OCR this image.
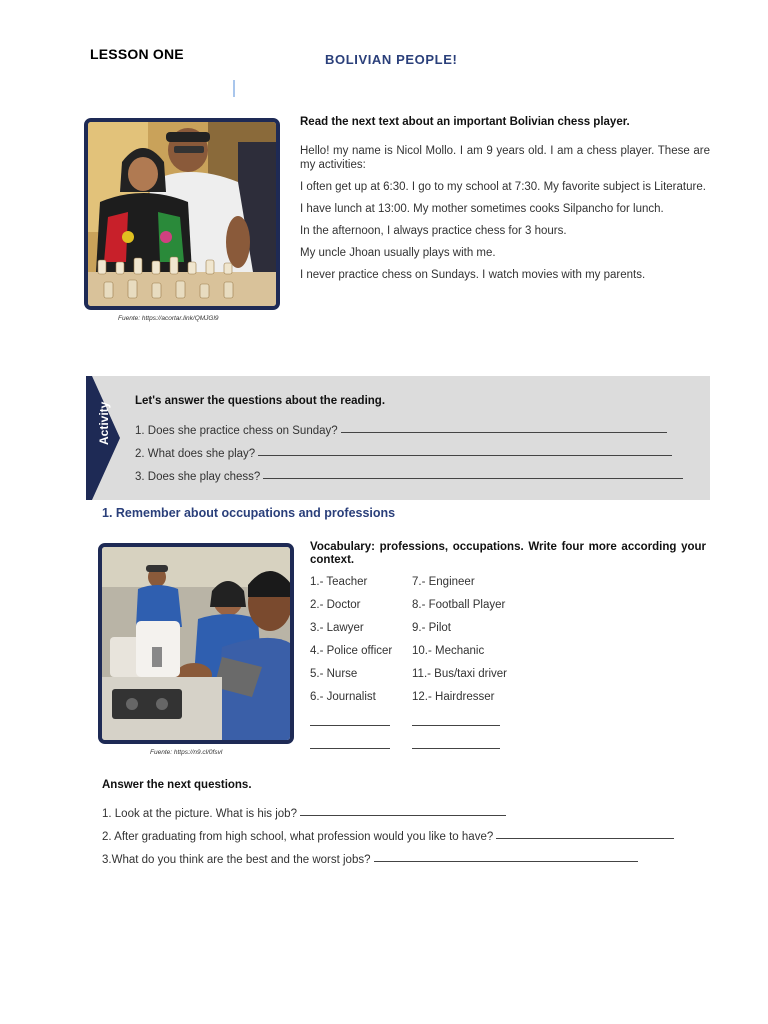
LESSON ONE	BOLIVIAN PEOPLE!
Fuente: https://acortar.link/QMJGl9
Read the next text about an important Bolivian chess player.

Hello! my name is Nicol Mollo. I am 9 years old. I am a chess player. These are my activities:

I often get up at 6:30. I go to my school at 7:30. My favorite subject is Literature.

I have lunch at 13:00. My mother sometimes cooks Silpancho for lunch.

In the afternoon, I always practice chess for 3 hours.

My uncle Jhoan usually plays with me.

I never practice chess on Sundays. I watch movies with my parents.

Activity
Let's answer the questions about the reading.
1. Does she practice chess on Sunday?
2. What does she play?
3. Does she play chess?
1. Remember about occupations and professions
Fuente: https://n9.cl/0fsvl
Vocabulary: professions, occupations. Write four more according your context.
1.- Teacher	7.- Engineer
2.- Doctor	8.- Football Player
3.- Lawyer	9.- Pilot
4.- Police officer	10.- Mechanic
5.- Nurse	11.- Bus/taxi driver
6.- Journalist	12.- Hairdresser
Answer the next questions.
1. Look at the picture. What is his job?
2. After graduating from high school, what profession would you like to have?
3.What do you think are the best and the worst jobs?
